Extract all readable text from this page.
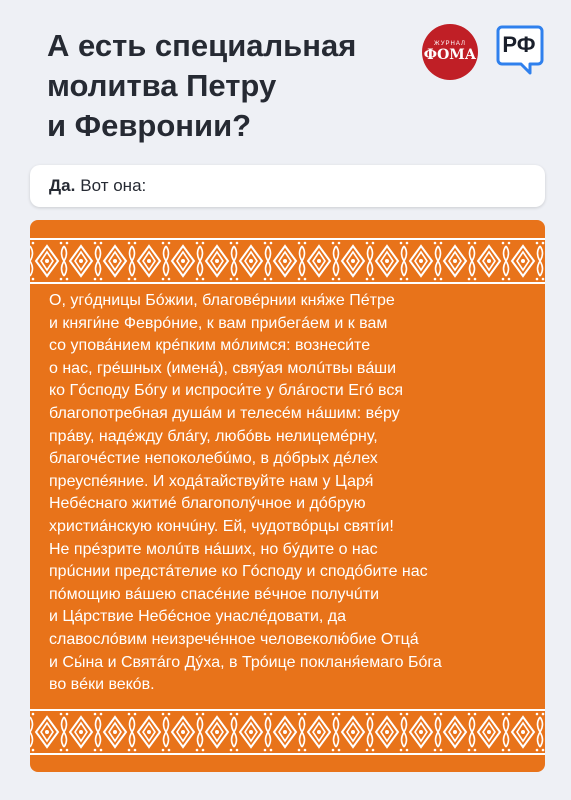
А есть специальная
молитва Петру
и Февронии?
ЖУРНАЛ
ФОМА РФ
Да. Вот она:
О, угóдницы Бóжии, благовéрнии кня́же Пéтре
и княги́не Феврóние, к вам прибегáем и к вам
со упова́нием крéпким мóлимся: вознеси́те
о нас, грéшных (имена́), свяу́ая молúтвы вáши
ко Гóсподу Бóгу и испроси́те у блáгости Егó вся
благопотребная душáм и телесéм нáшим: вéру
прáву, надéжду блáгу, любóвь нелицемéрну,
благочéстие непоколебúмо, в дóбрых дéлех
преуспéяние. И ходáтайствуйте нам у Царя́
Небéснаго житиé благополýчное и дóбрую
христиáнскую кончúну. Ей, чудотвóрцы святíи!
Не прéзрите молúтв нáших, но бýдите о нас
прúснии предстáтелие ко Гóсподу и сподóбите нас
пóмощию вáшею спасéние вéчное получúти
и Цáрствие Небéсное унаслéдовати, да
славослóвим неизречéнное человеколю́бие Отцá
и Сы́на и Святáго Дýха, в Трóице покланя́емаго Бóга
во вéки векóв.
